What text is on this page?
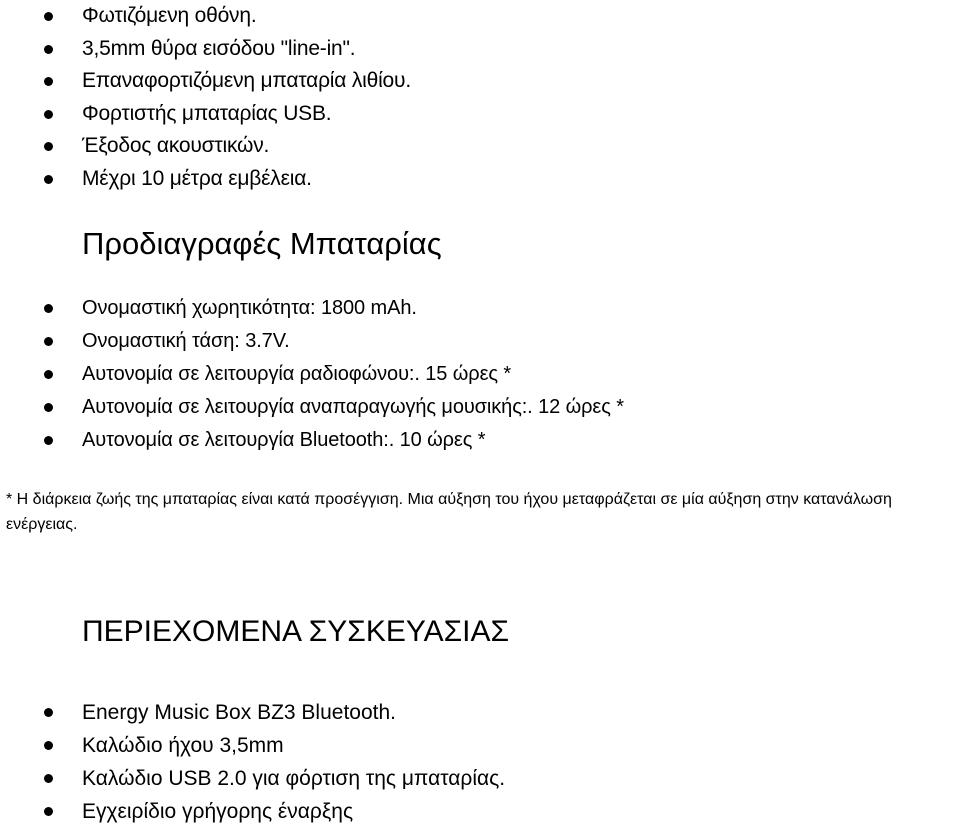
Φωτιζόμενη οθόνη.
3,5mm θύρα εισόδου "line-in".
Επαναφορτιζόμενη μπαταρία λιθίου.
Φορτιστής μπαταρίας USB.
Έξοδος ακουστικών.
Μέχρι 10 μέτρα εμβέλεια.
Προδιαγραφές Μπαταρίας
Ονομαστική χωρητικότητα: 1800 mAh.
Ονομαστική τάση: 3.7V.
Αυτονομία σε λειτουργία ραδιοφώνου:. 15 ώρες *
Αυτονομία σε λειτουργία αναπαραγωγής μουσικής:. 12 ώρες *
Αυτονομία σε λειτουργία Bluetooth:. 10 ώρες *
* Η διάρκεια ζωής της μπαταρίας είναι κατά προσέγγιση. Μια αύξηση του ήχου μεταφράζεται σε μία αύξηση στην κατανάλωση ενέργειας.
ΠΕΡΙΕΧΟΜΕΝΑ ΣΥΣΚΕΥΑΣΙΑΣ
Energy Music Box BZ3 Bluetooth.
Καλώδιο ήχου 3,5mm
Καλώδιο USB 2.0 για φόρτιση της μπαταρίας.
Εγχειρίδιο γρήγορης έναρξης
